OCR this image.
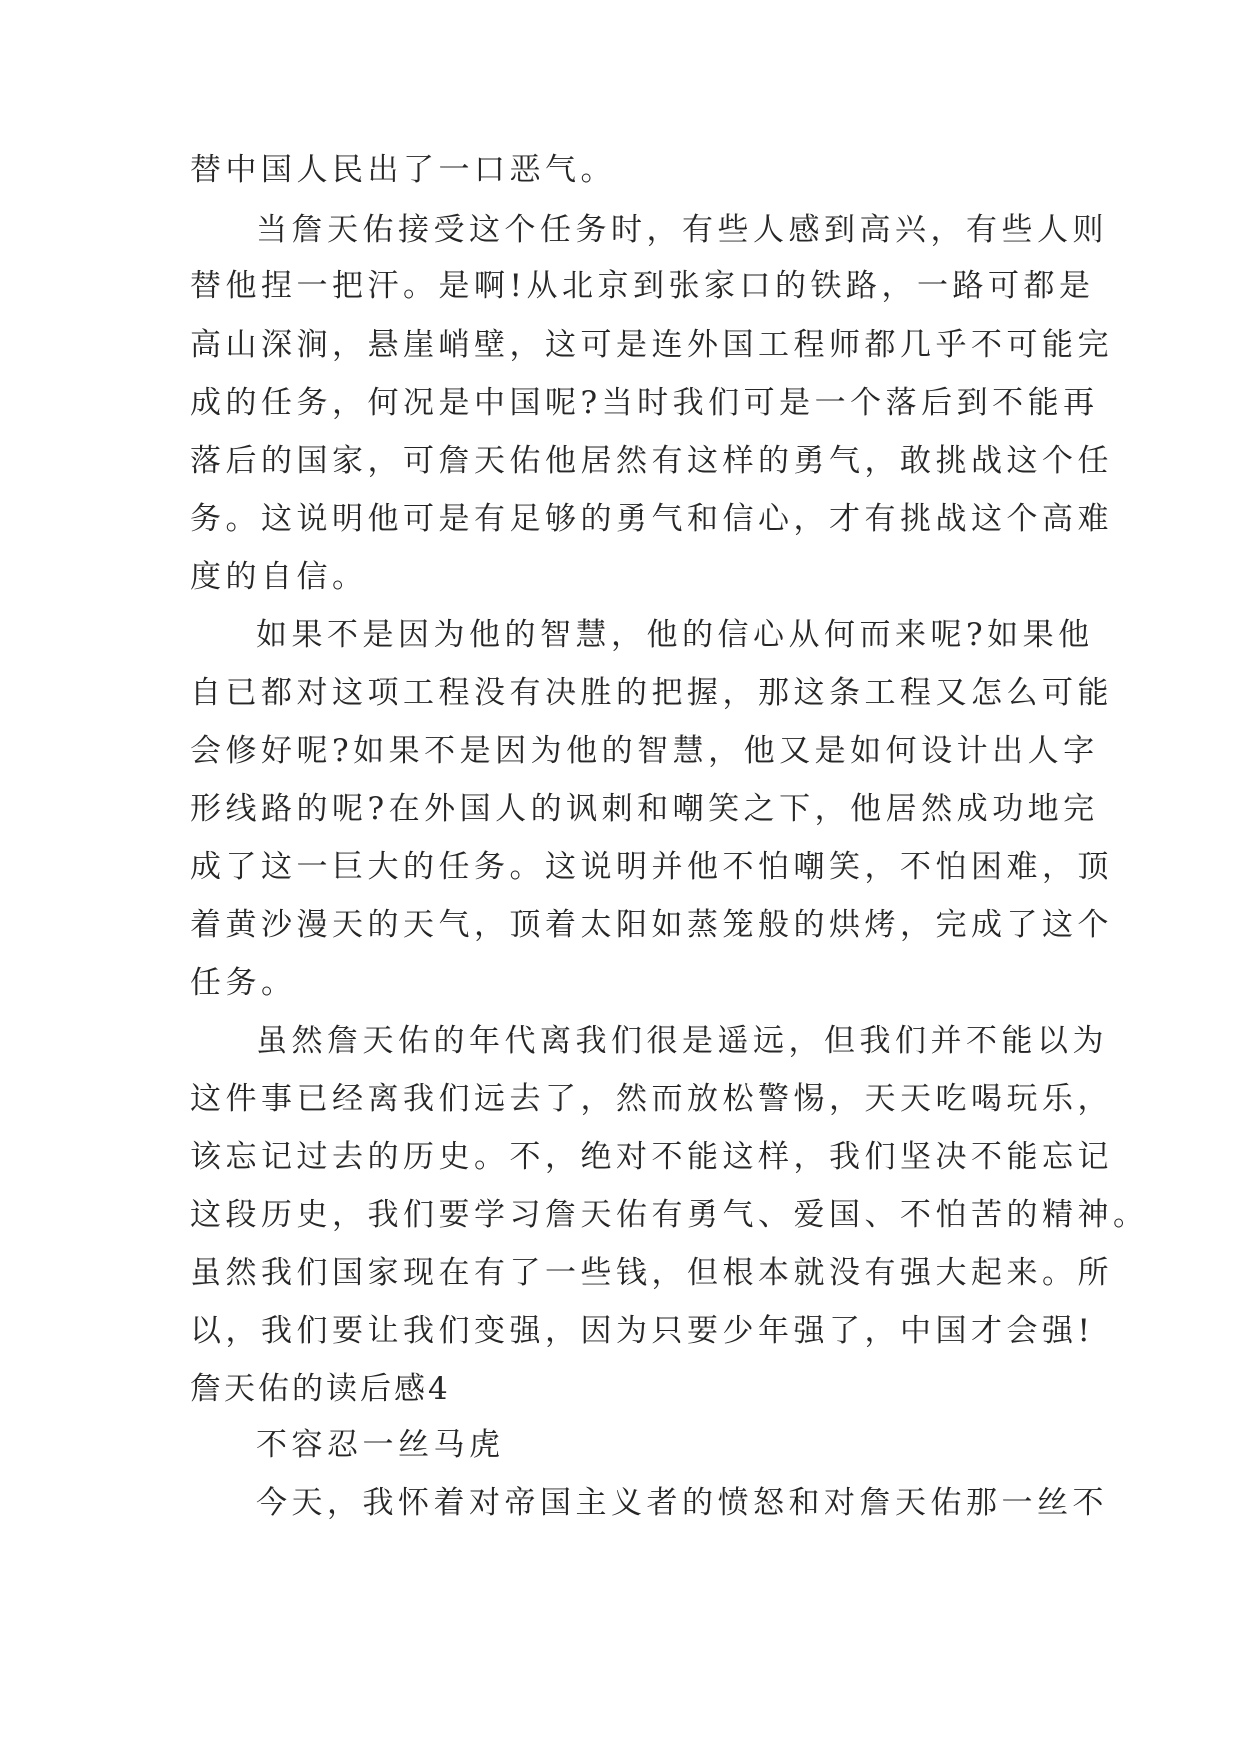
替中国人民出了一口恶气。

当詹天佑接受这个任务时，有些人感到高兴，有些人则

替他捏一把汗。是啊!从北京到张家口的铁路，一路可都是

高山深涧，悬崖峭壁，这可是连外国工程师都几乎不可能完

成的任务，何况是中国呢?当时我们可是一个落后到不能再

落后的国家，可詹天佑他居然有这样的勇气，敢挑战这个任

务。这说明他可是有足够的勇气和信心，才有挑战这个高难

度的自信。

如果不是因为他的智慧，他的信心从何而来呢?如果他

自已都对这项工程没有决胜的把握，那这条工程又怎么可能

会修好呢?如果不是因为他的智慧，他又是如何设计出人字

形线路的呢?在外国人的讽刺和嘲笑之下，他居然成功地完

成了这一巨大的任务。这说明并他不怕嘲笑，不怕困难，顶

着黄沙漫天的天气，顶着太阳如蒸笼般的烘烤，完成了这个

任务。

虽然詹天佑的年代离我们很是遥远，但我们并不能以为

这件事已经离我们远去了，然而放松警惕，天天吃喝玩乐，

该忘记过去的历史。不，绝对不能这样，我们坚决不能忘记

这段历史，我们要学习詹天佑有勇气、爱国、不怕苦的精神。

虽然我们国家现在有了一些钱，但根本就没有强大起来。所

以，我们要让我们变强，因为只要少年强了，中国才会强!

詹天佑的读后感4

不容忍一丝马虎

今天，我怀着对帝国主义者的愤怒和对詹天佑那一丝不
